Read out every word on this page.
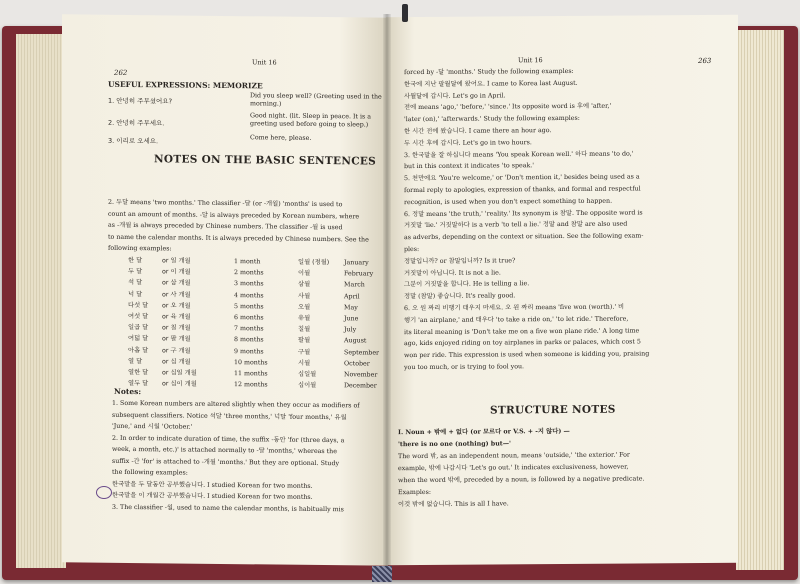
262
Unit 16
USEFUL EXPRESSIONS: MEMORIZE
1. 안녕히 주무셨어요?
Did you sleep well? (Greeting used in the morning.)
2. 안녕히 주무세요.
Good night. (lit. Sleep in peace. It is a greeting used before going to sleep.)
3. 이리로 오세요.	Come here, please.
NOTES ON THE BASIC SENTENCES
2. 두달 means 'two months.' The classifier -달 (or -개월) 'months' is used to
count an amount of months. -달 is always preceded by Korean numbers, where
as -개월 is always preceded by Chinese numbers. The classifier -월 is used
to name the calendar months. It is always preceded by Chinese numbers. See the
following examples:
한 달	or 일 개월	1 month	일월 (정월) January
두 달	or 이 개월	2 months	이월	February
석 달	or 삼 개월	3 months	삼월	March
넉 달	or 사 개월	4 months	사월	April
다섯 달 or 오 개월	5 months	오월	May
여섯 달 or 육 개월	6 months	유월	June
일곱 달 or 칠 개월	7 months	칠월	July
여덟 달 or 팔 개월	8 months	팔월	August
아홉 달 or 구 개월	9 months	구월	September
열 달	or 십 개월	10 months	시월	October
열한 달 or 십일 개월	11 months	십일월	November
열두 달 or 십이 개월	12 months	십이월	December
Notes:
1. Some Korean numbers are altered slightly when they occur as modifiers of
subsequent classifiers. Notice 석달 'three months,' 넉달 'four months,' 유월
'June,' and 시월 'October.'
2. In order to indicate duration of time, the suffix -동안 'for (three days, a
week, a month, etc.)' is attached normally to -달 'months,' whereas the
suffix -간 'for' is attached to -개월 'months.' But they are optional. Study
the following examples:
한국말을 두 달동안 공부했습니다. I studied Korean for two months.
한국말을 이 개월간 공부했습니다. I studied Korean for two months.
3. The classifier -월, used to name the calendar months, is habitually mis
Unit 16	263
forced by -달 'months.' Study the following examples:
한국에 지난 팔월달에 왔어요. I came to Korea last August.
사월달에 갑시다. Let's go in April.
전에 means 'ago,' 'before,' 'since.' Its opposite word is 후에 'after,'
'later (on),' 'afterwards.' Study the following examples:
한 시간 전에 왔습니다. I came there an hour ago.
두 시간 후에 갑시다. Let's go in two hours.
3. 한국말을 잘 하십니다 means 'You speak Korean well.' 하다 means 'to do,'
but in this context it indicates 'to speak.'
5. 천만에요 'You're welcome,' or 'Don't mention it,' besides being used as a
formal reply to apologies, expression of thanks, and formal and respectful
recognition, is used when you don't expect something to happen.
6. 정말 means 'the truth,' 'reality.' Its synonym is 참말. The opposite word is
거짓말 'lie.' 거짓말하다 is a verb 'to tell a lie.' 정말 and 참말 are also used
as adverbs, depending on the context or situation. See the following exam-
ples:
정말입니까? or 참말입니까? Is it true?
거짓말이 아닙니다. It is not a lie.
그분이 거짓말을 합니다. He is telling a lie.
정말 (참말) 좋습니다. It's really good.
6. 오 원 짜리 비행기 태우지 마세요. 오 원 짜리 means 'five won (worth).' 비
행기 'an airplane,' and 태우다 'to take a ride on,' 'to let ride.' Therefore,
its literal meaning is 'Don't take me on a five won plane ride.' A long time
ago, kids enjoyed riding on toy airplanes in parks or palaces, which cost 5
won per ride. This expression is used when someone is kidding you, praising
you too much, or is trying to fool you.
STRUCTURE NOTES
I. Noun + 밖에 + 없다 (or 모르다 or V.S. + -지 않다) —
'there is no one (nothing) but—'
The word 밖, as an independent noun, means 'outside,' 'the exterior.' For
example, 밖에 나갑시다 'Let's go out.' It indicates exclusiveness, however,
when the word 밖에, preceded by a noun, is followed by a negative predicate.
Examples:
이것 밖에 없습니다. This is all I have.
